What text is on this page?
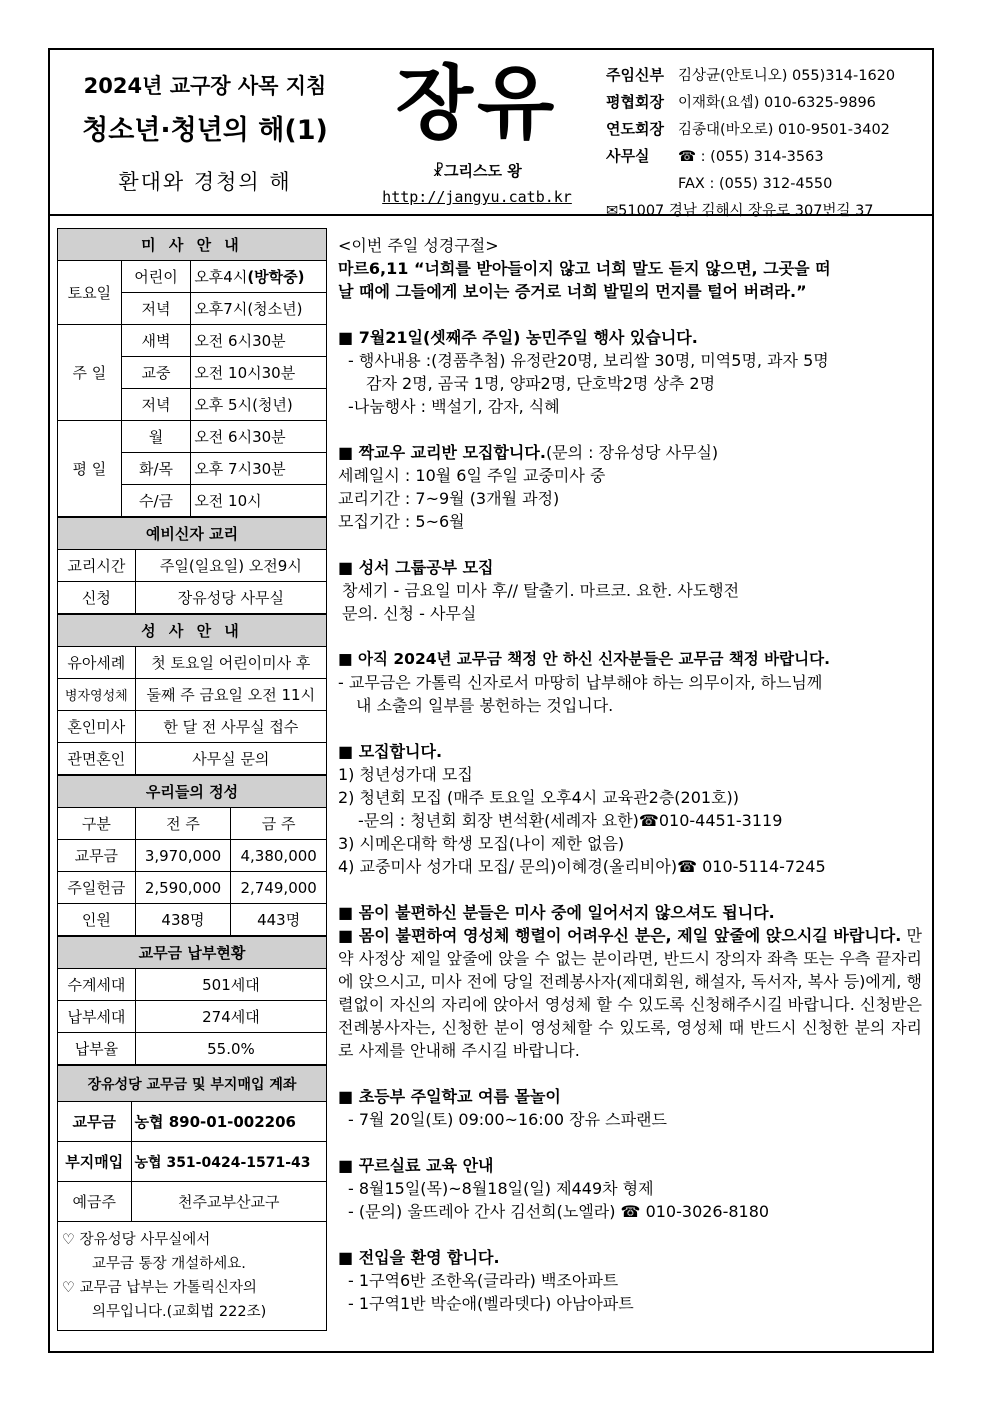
2024년 교구장 사목 지침
청소년·청년의 해(1)
환대와 경청의 해
장유
☧그리스도 왕
http://jangyu.catb.kr
주임신부 김상균(안토니오) 055)314-1620
평협회장 이재화(요셉) 010-6325-9896
연도회장 김종대(바오로) 010-9501-3402
사무실 ☎ : (055) 314-3563
FAX : (055) 312-4550
✉51007 경남 김해시 장유로 307번길 37
미 사 안 내		
토요일	어린이	오후4시(방학중)
	저녁	오후7시(청소년)
주 일	새벽	오전 6시30분
	교중	오전 10시30분
	저녁	오후 5시(청년)
평 일	월	오전 6시30분
	화/목	오후 7시30분
	수/금	오전 10시
예비신자 교리	
교리시간	주일(일요일) 오전9시
신청	장유성당 사무실
성 사 안 내	
유아세례	첫 토요일 어린이미사 후
병자영성체	둘째 주 금요일 오전 11시
혼인미사	한 달 전 사무실 접수
관면혼인	사무실 문의
우리들의 정성		
구분	전 주	금 주
교무금	3,970,000	4,380,000
주일헌금	2,590,000	2,749,000
인원	438명	443명
교무금 납부현황	
수계세대	501세대
납부세대	274세대
납부율	55.0%
장유성당 교무금 및 부지매입 계좌	
교무금	농협 890-01-002206
부지매입	농협 351-0424-1571-43
예금주	천주교부산교구
♡ 장유성당 사무실에서
교무금 통장 개설하세요.
♡ 교무금 납부는 가톨릭신자의
의무입니다.(교회법 222조)

<이번 주일 성경구절>

마르6,11 “너희를 받아들이지 않고 너희 말도 듣지 않으면, 그곳을 떠

날 때에 그들에게 보이는 증거로 너희 발밑의 먼지를 털어 버려라.”

■ 7월21일(셋째주 주일) 농민주일 행사 있습니다.

- 행사내용 :(경품추첨) 유정란20명, 보리쌀 30명, 미역5명, 과자 5명

감자 2명, 곰국 1명, 양파2명, 단호박2명 상추 2명

-나눔행사 : 백설기, 감자, 식혜

■ 짝교우 교리반 모집합니다.(문의 : 장유성당 사무실)

세례일시 : 10월 6일 주일 교중미사 중

교리기간 : 7~9월 (3개월 과정)

모집기간 : 5~6월

■ 성서 그룹공부 모집

창세기 - 금요일 미사 후// 탈출기. 마르코. 요한. 사도행전

문의. 신청 - 사무실

■ 아직 2024년 교무금 책정 안 하신 신자분들은 교무금 책정 바랍니다.

- 교무금은 가톨릭 신자로서 마땅히 납부해야 하는 의무이자, 하느님께

내 소출의 일부를 봉헌하는 것입니다.

■ 모집합니다.

1) 청년성가대 모집

2) 청년회 모집 (매주 토요일 오후4시 교육관2층(201호))

-문의 : 청년회 회장 변석환(세례자 요한)☎010-4451-3119

3) 시메온대학 학생 모집(나이 제한 없음)

4) 교중미사 성가대 모집/ 문의)이혜경(올리비아)☎ 010-5114-7245

■ 몸이 불편하신 분들은 미사 중에 일어서지 않으셔도 됩니다.

■ 몸이 불편하여 영성체 행렬이 어려우신 분은, 제일 앞줄에 앉으시길 바랍니다. 만약 사정상 제일 앞줄에 앉을 수 없는 분이라면, 반드시 장의자 좌측 또는 우측 끝자리에 앉으시고, 미사 전에 당일 전례봉사자(제대회원, 해설자, 독서자, 복사 등)에게, 행렬없이 자신의 자리에 앉아서 영성체 할 수 있도록 신청해주시길 바랍니다. 신청받은 전례봉사자는, 신청한 분이 영성체할 수 있도록, 영성체 때 반드시 신청한 분의 자리로 사제를 안내해 주시길 바랍니다.

■ 초등부 주일학교 여름 몰놀이

- 7월 20일(토) 09:00~16:00 장유 스파랜드

■ 꾸르실료 교육 안내

- 8월15일(목)~8월18일(일) 제449차 형제

- (문의) 울뜨레아 간사 김선희(노엘라) ☎ 010-3026-8180

■ 전입을 환영 합니다.

- 1구역6반 조한옥(글라라) 백조아파트

- 1구역1반 박순애(벨라뎃다) 아남아파트
